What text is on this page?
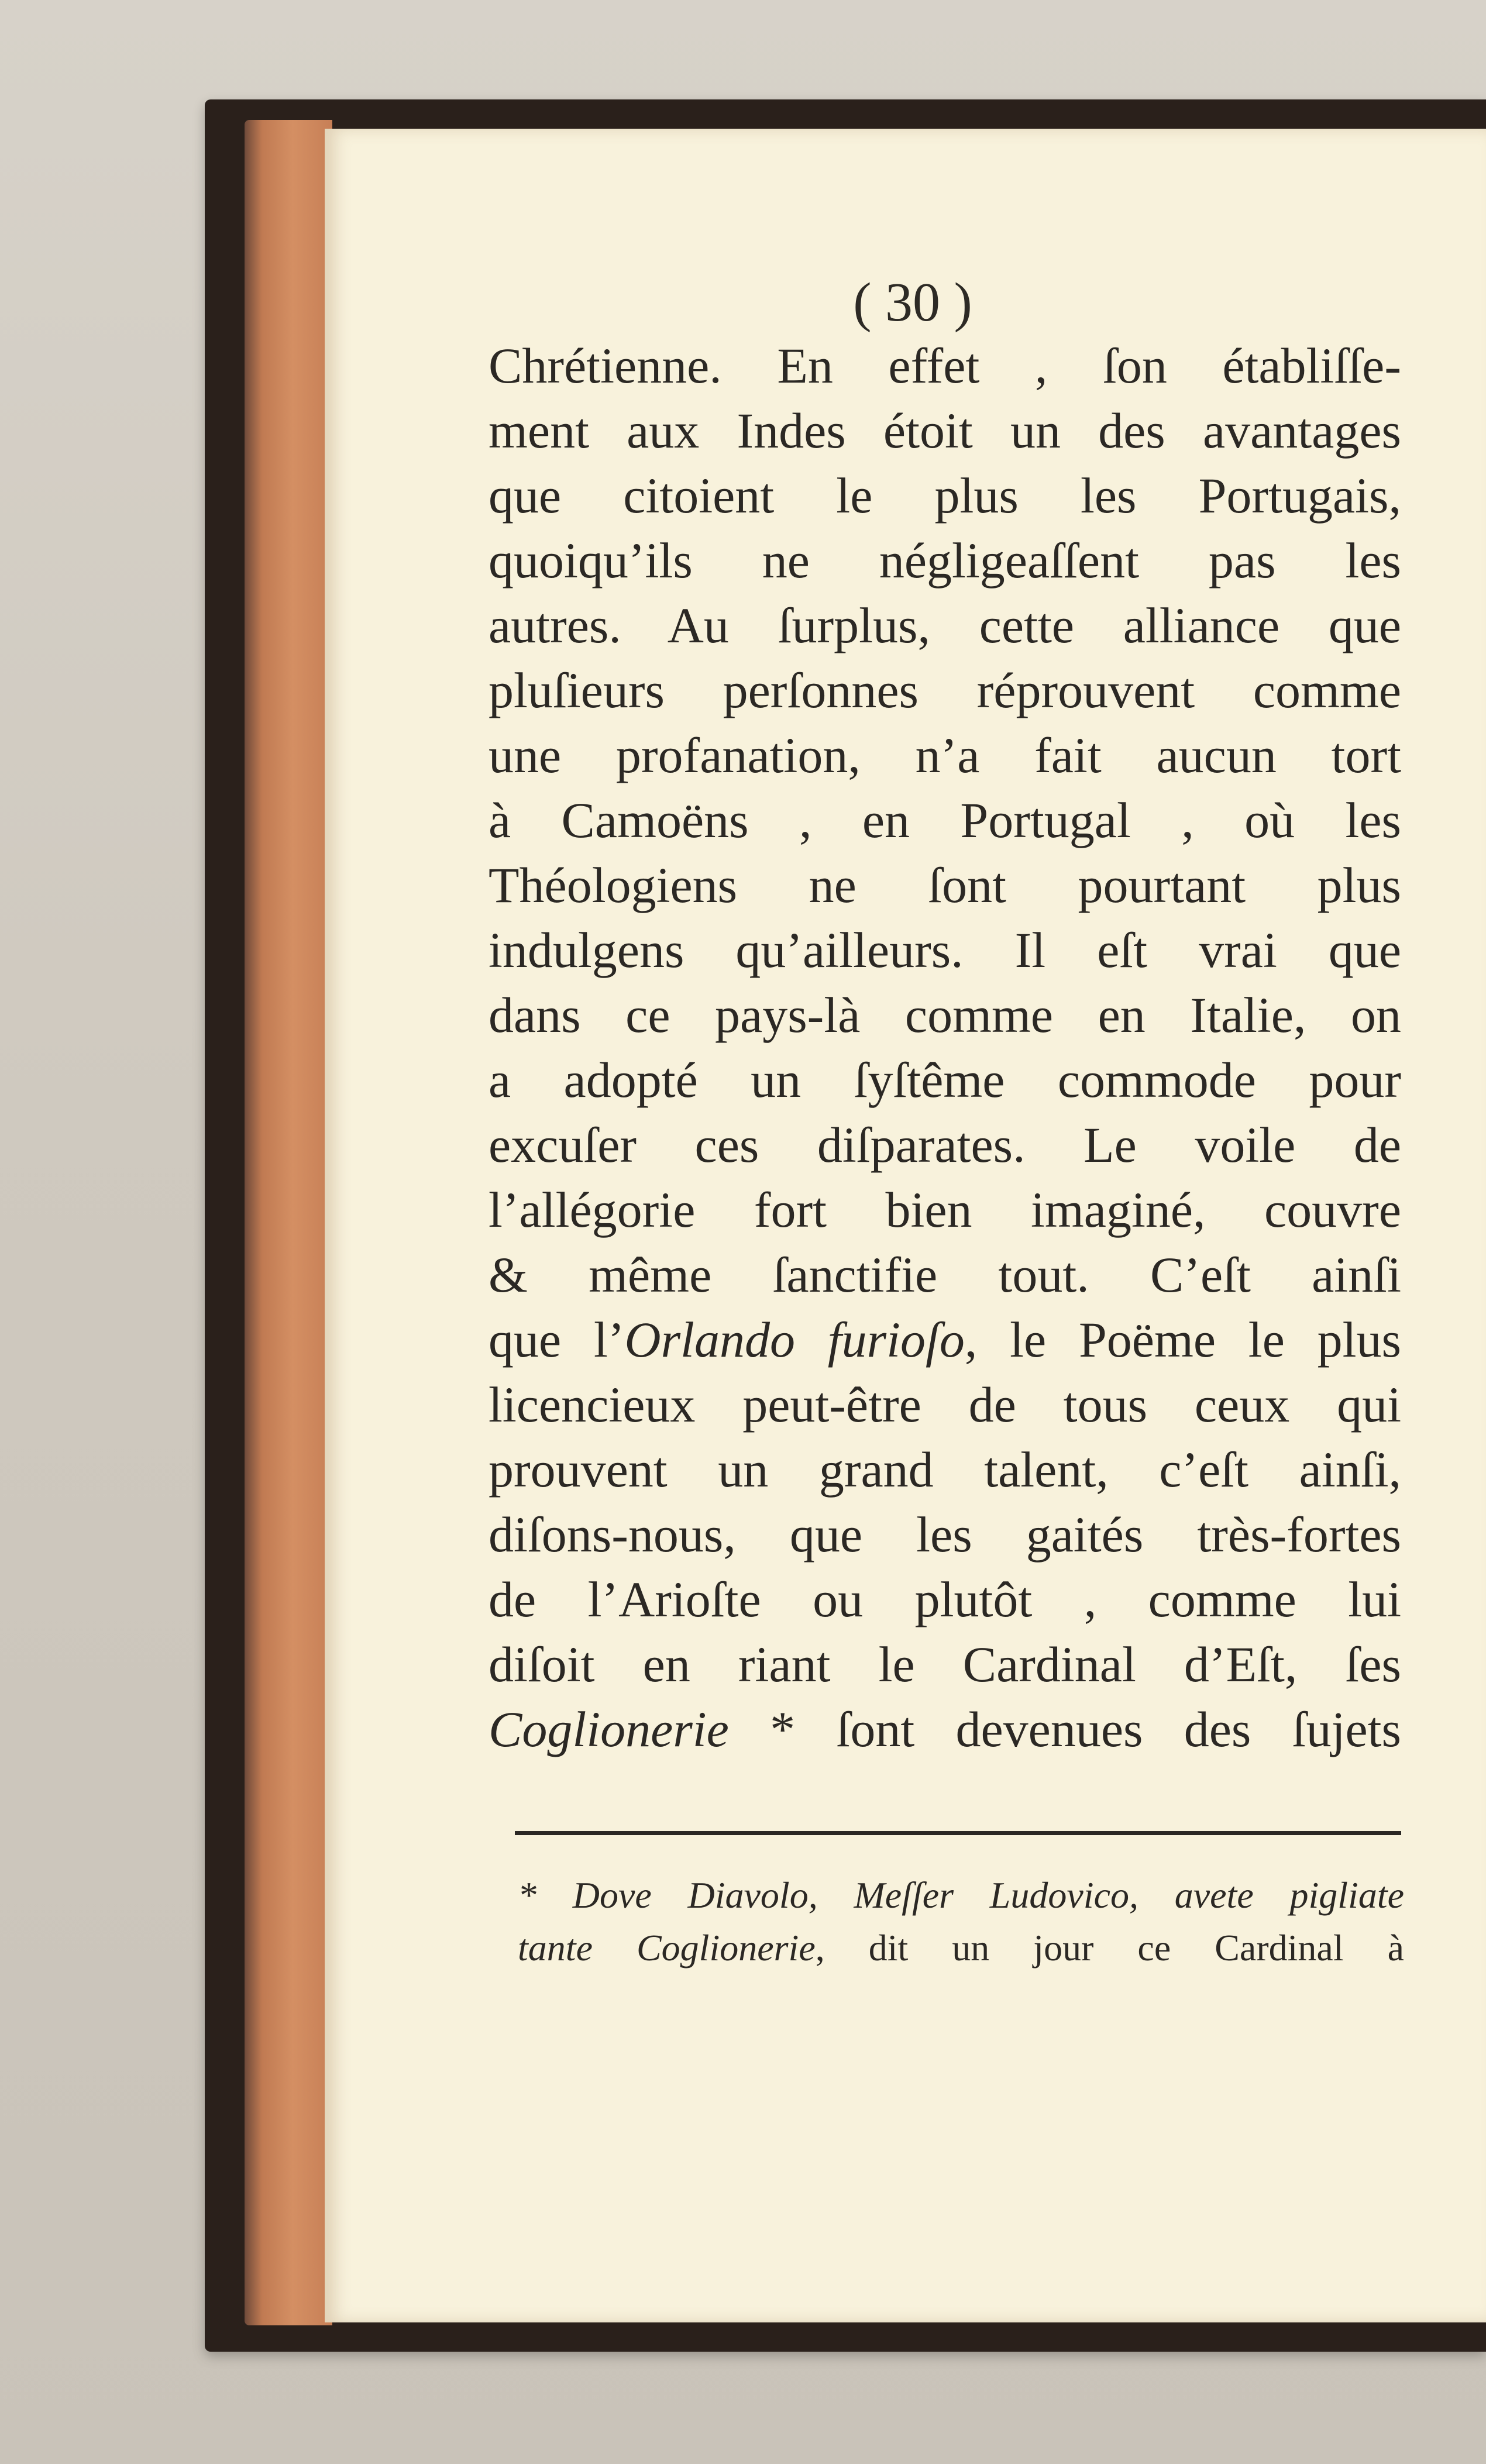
( 30 )
Chrétienne. En effet , ſon établiſſe-
ment aux Indes étoit un des avantages
que citoient le plus les Portugais,
quoiqu’ils ne négligeaſſent pas les
autres. Au ſurplus, cette alliance que
pluſieurs perſonnes réprouvent comme
une profanation, n’a fait aucun tort
à Camoëns , en Portugal , où les
Théologiens ne ſont pourtant plus
indulgens qu’ailleurs. Il eſt vrai que
dans ce pays-là comme en Italie, on
a adopté un ſyſtême commode pour
excuſer ces diſparates. Le voile de
l’allégorie fort bien imaginé, couvre
& même ſanctifie tout. C’eſt ainſi
que l’Orlando furioſo, le Poëme le plus
licencieux peut-être de tous ceux qui
prouvent un grand talent, c’eſt ainſi,
diſons-nous, que les gaités très-fortes
de l’Arioſte ou plutôt , comme lui
diſoit en riant le Cardinal d’Eſt, ſes
Coglionerie * ſont devenues des ſujets
* Dove Diavolo, Meſſer Ludovico, avete pigliate
tante Coglionerie, dit un jour ce Cardinal à
